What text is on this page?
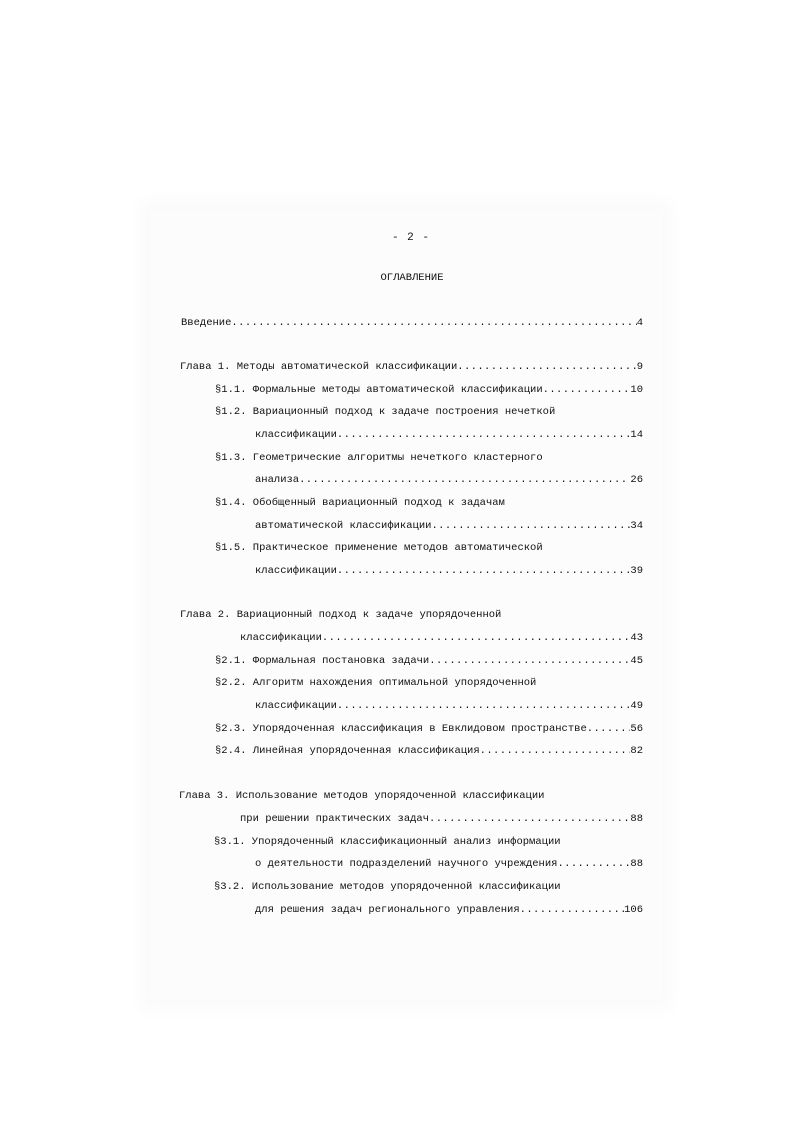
- 2 -
ОГЛАВЛЕНИЕ
Введение .....	4
Глава 1. Методы автоматической классификации .....	9
§1.1. Формальные методы автоматической классификации .....	10
§1.2. Вариационный подход к задаче построения нечеткой
классификации .....	14
§1.3. Геометрические алгоритмы нечеткого кластерного
анализа .....	26
§1.4. Обобщенный вариационный подход к задачам
автоматической классификации .....	34
§1.5. Практическое применение методов автоматической
классификации .....	39
Глава 2. Вариационный подход к задаче упорядоченной
классификации .....	43
§2.1. Формальная постановка задачи .....	45
§2.2. Алгоритм нахождения оптимальной упорядоченной
классификации .....	49
§2.3. Упорядоченная классификация в Евклидовом пространстве .....	56
§2.4. Линейная упорядоченная классификация .....	82
Глава 3. Использование методов упорядоченной классификации
при решении практических задач .....	88
§3.1. Упорядоченный классификационный анализ информации
о деятельности подразделений научного учреждения .....	88
§3.2. Использование методов упорядоченной классификации
для решения задач регионального управления .....	106
